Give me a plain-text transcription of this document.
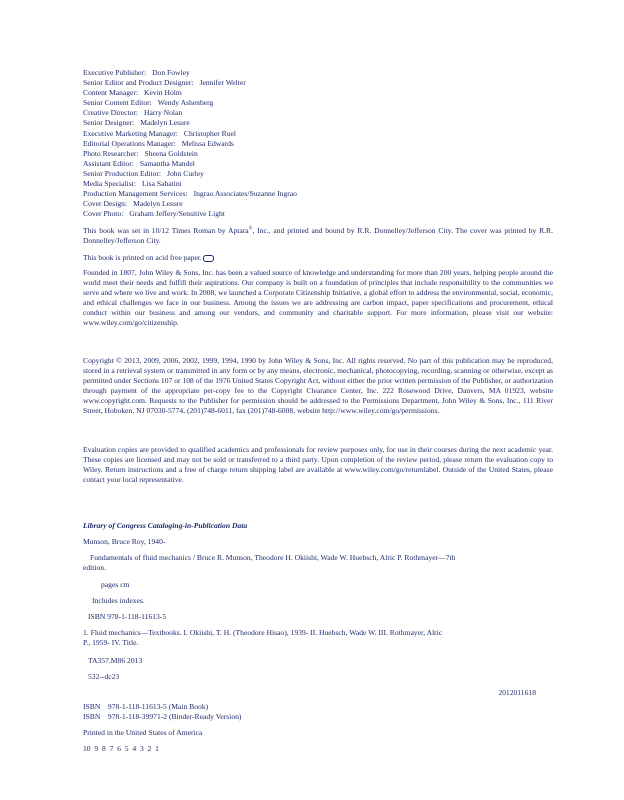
Executive Publisher: Don Fowley
Senior Editor and Product Designer: Jennifer Welter
Content Manager: Kevin Holm
Senior Content Editor: Wendy Ashenberg
Creative Director: Harry Nolan
Senior Designer: Madelyn Lesure
Executive Marketing Manager: Christopher Ruel
Editorial Operations Manager: Melissa Edwards
Photo Researcher: Sheena Goldstein
Assistant Editor: Samantha Mandel
Senior Production Editor: John Curley
Media Specialist: Lisa Sabatini
Production Management Services: Ingrao Associates/Suzanne Ingrao
Cover Design: Madelyn Lesure
Cover Photo: Graham Jeffery/Sensitive Light

This book was set in 10/12 Times Roman by Aptara®, Inc., and printed and bound by R.R. Donnelley/Jefferson City. The cover was printed by R.R. Donnelley/Jefferson City.

This book is printed on acid free paper.

Founded in 1807, John Wiley & Sons, Inc. has been a valued source of knowledge and understanding for more than 200 years, helping people around the world meet their needs and fulfill their aspirations. Our company is built on a foundation of principles that include responsibility to the communities we serve and where we live and work. In 2008, we launched a Corporate Citizenship Initiative, a global effort to address the environmental, social, economic, and ethical challenges we face in our business. Among the issues we are addressing are carbon impact, paper specifications and procurement, ethical conduct within our business and among our vendors, and community and charitable support. For more information, please visit our website: www.wiley.com/go/citizenship.

Copyright © 2013, 2009, 2006, 2002, 1999, 1994, 1990 by John Wiley & Sons, Inc. All rights reserved. No part of this publication may be reproduced, stored in a retrieval system or transmitted in any form or by any means, electronic, mechanical, photocopying, recording, scanning or otherwise, except as permitted under Sections 107 or 108 of the 1976 United States Copyright Act, without either the prior written permission of the Publisher, or authorization through payment of the appropriate per-copy fee to the Copyright Clearance Center, Inc. 222 Rosewood Drive, Danvers, MA 01923, website www.copyright.com. Requests to the Publisher for permission should be addressed to the Permissions Department, John Wiley & Sons, Inc., 111 River Street, Hoboken, NJ 07030-5774, (201)748-6011, fax (201)748-6008, website http://www.wiley.com/go/permissions.

Evaluation copies are provided to qualified academics and professionals for review purposes only, for use in their courses during the next academic year. These copies are licensed and may not be sold or transferred to a third party. Upon completion of the review period, please return the evaluation copy to Wiley. Return instructions and a free of charge return shipping label are available at www.wiley.com/go/returnlabel. Outside of the United States, please contact your local representative.

Library of Congress Cataloging-in-Publication Data
Munson, Bruce Roy, 1940-

Fundamentals of fluid mechanics / Bruce R. Munson, Theodore H. Okiishi, Wade W. Huebsch, Alric P. Rothmayer—7th edition.

pages cm
Includes indexes.
ISBN 978-1-118-11613-5

1. Fluid mechanics—Textbooks. I. Okiishi, T. H. (Theodore Hisao), 1939- II. Huebsch, Wade W. III. Rothmayer, Alric P., 1959- IV. Title.

TA357.M86 2013
532--dc23
2012011618
ISBN    978-1-118-11613-5 (Main Book)
ISBN    978-1-118-39971-2 (Binder-Ready Version)
Printed in the United States of America
10  9  8  7  6  5  4  3  2  1
